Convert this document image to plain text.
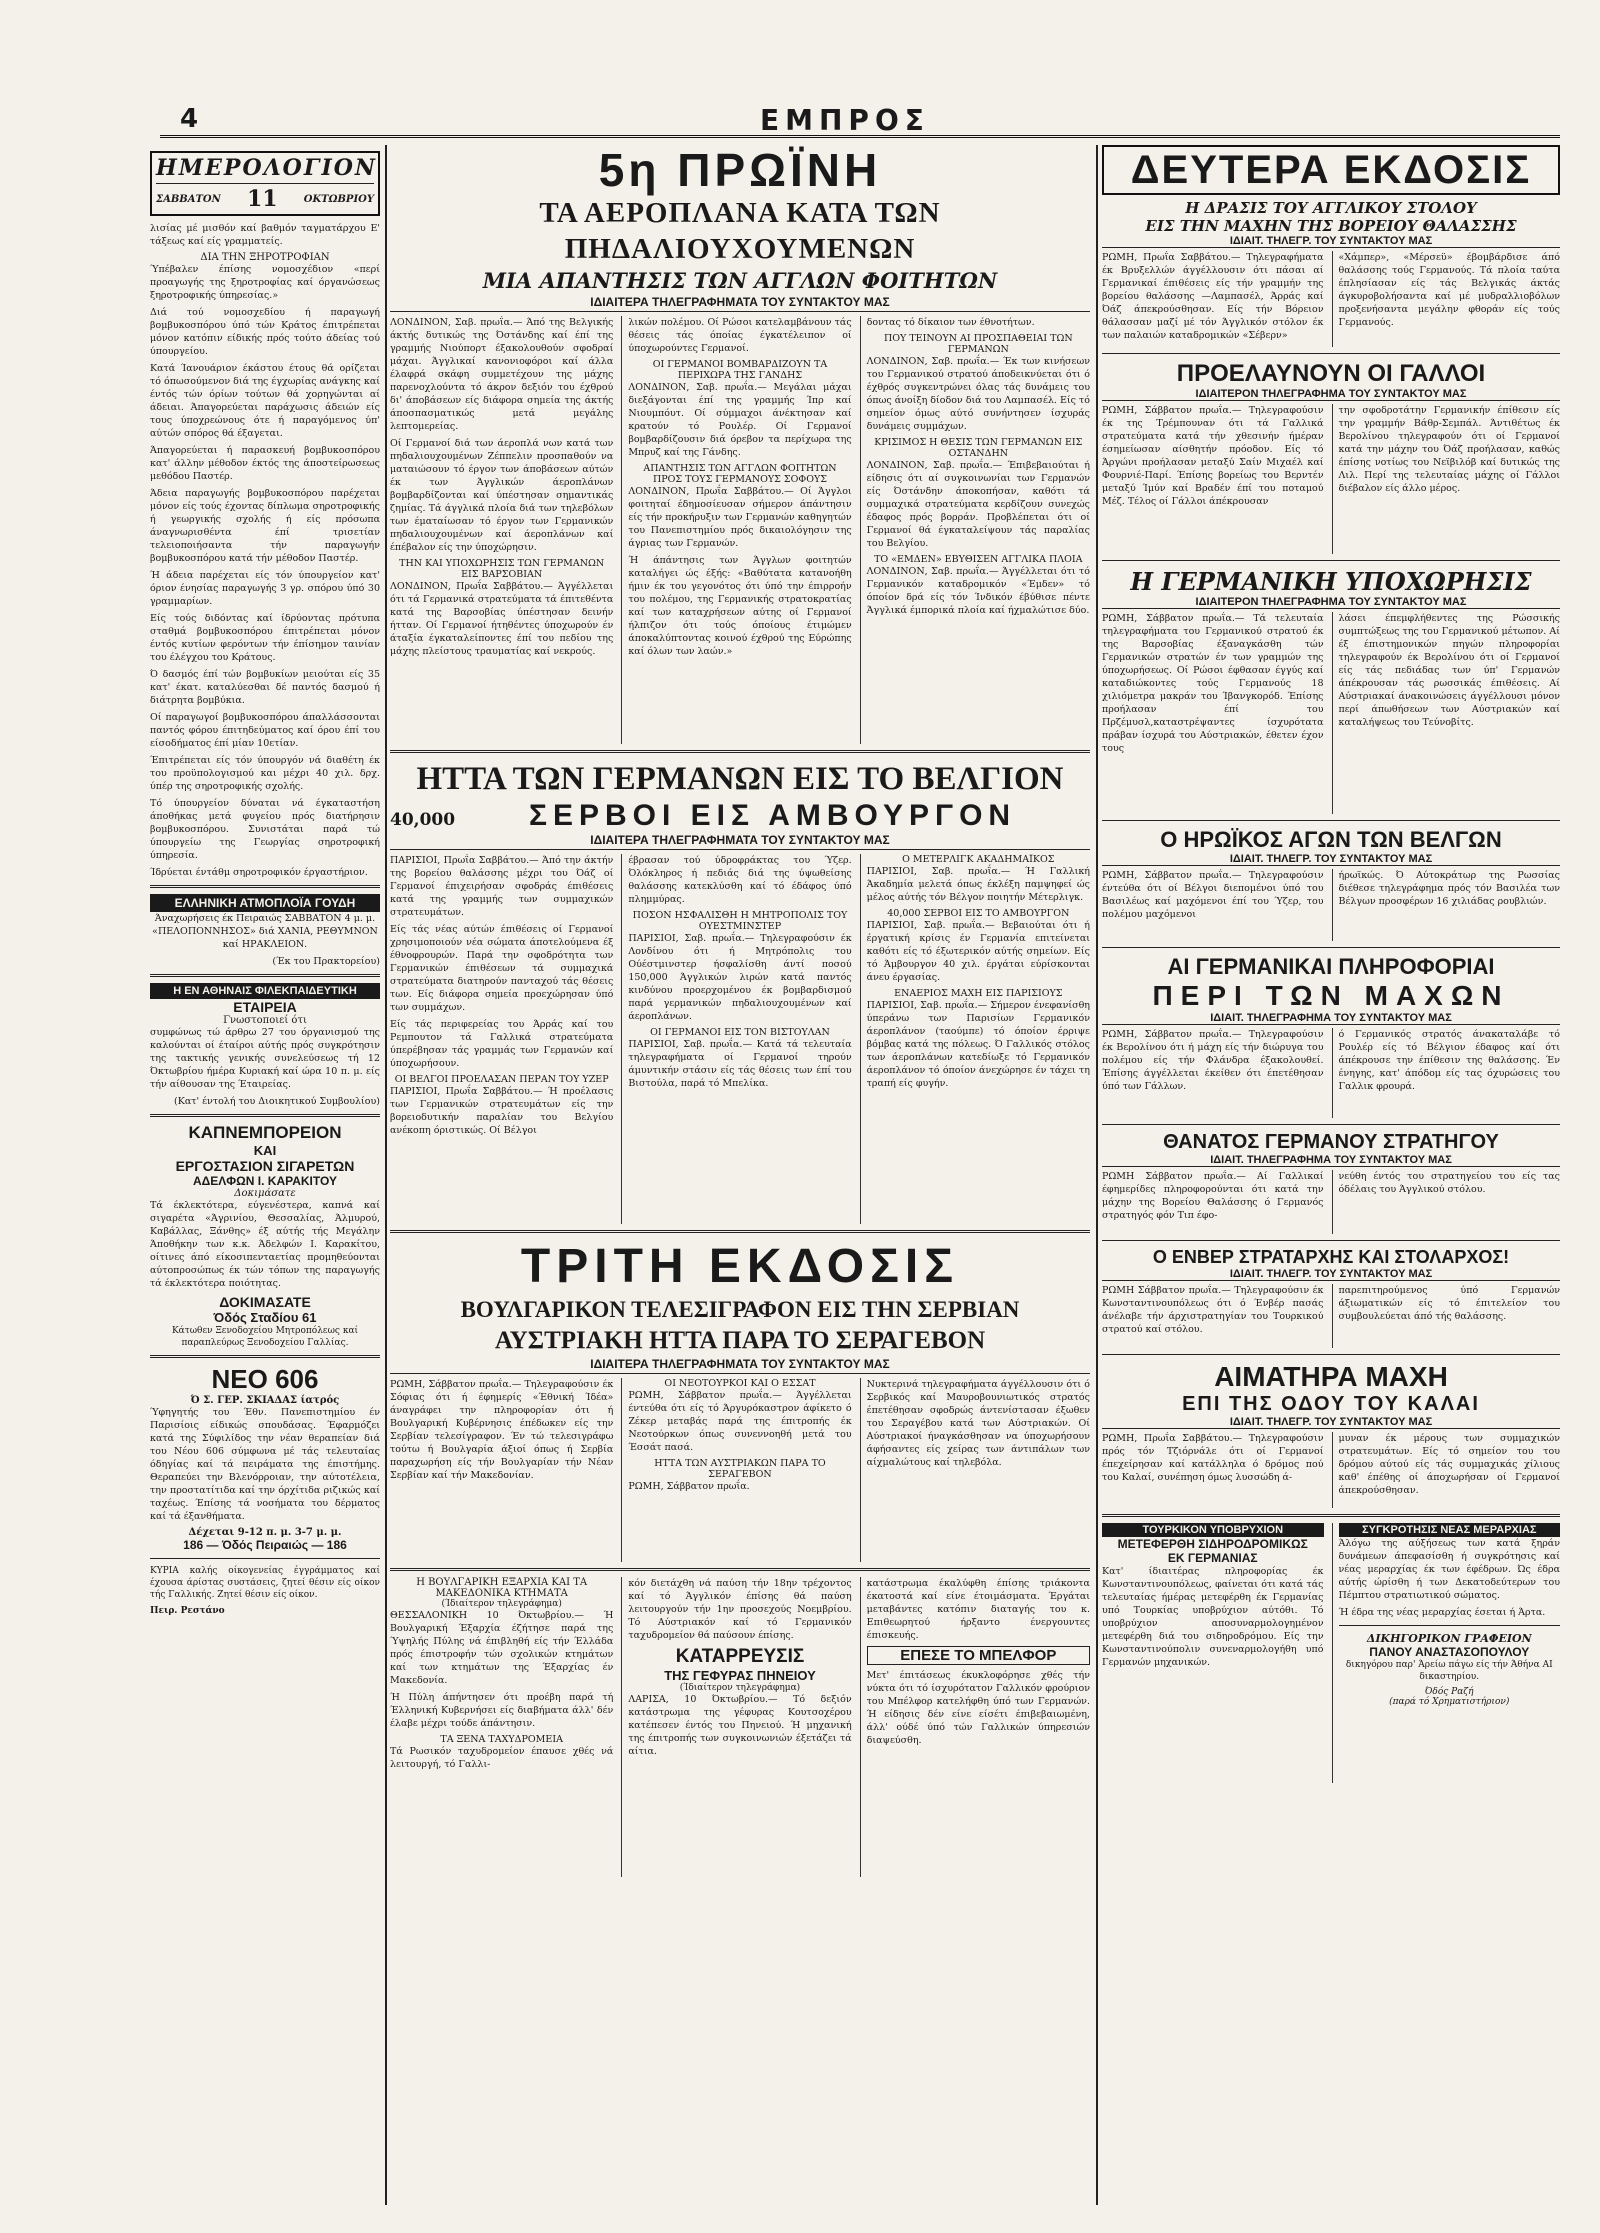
4	ΕΜΠΡΟΣ
ΗΜΕΡΟΛΟΓΙΟΝ
ΣΑΒΒΑΤΟΝ 11	ΟΚΤΩΒΡΙΟΥ

λισίας μέ μισθόν καί βαθμόν ταγματάρχου Ε' τάξεως καί είς γραμματείς.

ΔΙΑ ΤΗΝ ΞΗΡΟΤΡΟΦΙΑΝ

Ύπέβαλεν έπίσης νομοσχέδιον «περί προαγωγής της ξηροτροφίας καί όργανώσεως ξηροτροφικής ύπηρεσίας.»

Διά τού νομοσχεδίου ή παραγωγή βομβυκοσπόρου ύπό τών Κράτος έπιτρέπεται μόνον κατόπιν είδικής πρός τούτο άδείας τού ύπουργείου.

Κατά Ίανουάριον έκάστου έτους θά ορίζεται τό όπωσούμενον διά της έγχωρίας ανάγκης καί έντός τών όρίων τούτων θά χορηγώνται αί άδειαι. Άπαγορεύεται παράχωσις άδειών είς τους ύποχρεώνους ότε ή παραγόμενος ύπ' αύτών σπόρος θά έξαγεται.

Άπαγορεύεται ή παρασκευή βομβυκοσπόρου κατ' άλλην μέθοδον έκτός της άποστείρωσεως μεθόδου Παστέρ.

Άδεια παραγωγής βομβυκοσπόρου παρέχεται μόνον είς τούς έχοντας δίπλωμα σηροτροφικής ή γεωργικής σχολής ή είς πρόσωπα άναγνωρισθέντα έπί τρισετίαν τελειοποιήσαντα τήν παραγωγήν βομβυκοσπόρου κατά τήν μέθοδον Παστέρ.

Ή άδεια παρέχεται είς τόν ύπουργείον κατ' όριον ένησίας παραγωγής 3 γρ. σπόρου ύπό 30 γραμμαρίων.

Είς τούς διδόντας καί ίδρύοντας πρότυπα σταθμά βομβυκοσπόρου έπιτρέπεται μόνον έντός κυτίων φερόντων τήν έπίσημον ταινίαν του έλέγχου του Κράτους.

Ό δασμός έπί τών βομβυκίων μειούται είς 35 κατ' έκατ. καταλύεσθαι δέ παντός δασμού ή διάτρητα βομβύκια.

Οί παραγωγοί βομβυκοσπόρου άπαλλάσσονται παντός φόρου έπιτηδεύματος καί όρου έπί του είσοδήματος έπί μίαν 10ετίαν.

Έπιτρέπεται είς τόν ύπουργόν νά διαθέτη έκ του προϋπολογισμού και μέχρι 40 χιλ. δρχ. ύπέρ της σηροτροφικής σχολής.

Τό ύπουργείον δύναται νά έγκαταστήση άποθήκας μετά φυγείου πρός διατήρησιν βομβυκοσπόρου. Συνιστάται παρά τώ ύπουργείω της Γεωργίας σηροτροφική ύπηρεσία.

Ίδρύεται έντάθμ σηροτροφικόν έργαστήριον.

ΕΛΛΗΝΙΚΗ ΑΤΜΟΠΛΟΪΑ ΓΟΥΔΗ

Άναχωρήσεις έκ Πειραιώς ΣΑΒΒΑΤΟΝ 4 μ. μ. «ΠΕΛΟΠΟΝΝΗΣΟΣ» διά ΧΑΝΙΑ, ΡΕΘΥΜΝΟΝ καί ΗΡΑΚΛΕΙΟΝ.

(Έκ του Πρακτορείου)

Η ΕΝ ΑΘΗΝΑΙΣ ΦΙΛΕΚΠΑΙΔΕΥΤΙΚΗ
ΕΤΑΙΡΕΙΑ
Γνωστοποιεί ότι

συμφώνως τώ άρθρω 27 του όργανισμού της καλούνται οί έταίροι αύτής πρός συγκρότησιν της τακτικής γενικής συνελεύσεως τή 12 Όκτωβρίου ήμέρα Κυριακή καί ώρα 10 π. μ. είς τήν αίθουσαν της Έταιρείας.

(Κατ' έντολή του Διοικητικού Συμβουλίου)

ΚΑΠΝΕΜΠΟΡΕΙΟΝ
ΚΑΙ
ΕΡΓΟΣΤΑΣΙΟΝ ΣΙΓΑΡΕΤΩΝ
ΑΔΕΛΦΩΝ Ι. ΚΑΡΑΚΙΤΟΥ
Δοκιμάσατε

Τά έκλεκτότερα, εύγενέστερα, καπνά καί σιγαρέτα «Άγρινίου, Θεσσαλίας, Άλμυρού, Καβάλλας, Ξάνθης» έξ αύτής τής Μεγάλην Άποθήκην των κ.κ. Άδελφών Ι. Καρακίτου, οίτινες άπό είκοσιπενταετίας προμηθεύονται αύτοπροσώπως έκ τών τόπων της παραγωγής τά έκλεκτότερα ποιότητας.

ΔΟΚΙΜΑΣΑΤΕ
Όδός Σταδίου 61

Κάτωθεν Ξενοδοχείου Μητροπόλεως καί παραπλεύρως Ξενοδοχείου Γαλλίας.

ΝΕΟ 606
Ό Σ. ΓΕΡ. ΣΚΙΑΔΑΣ ίατρός

Ύφηγητής του Έθν. Πανεπιστημίου έν Παρισίοις είδικώς σπουδάσας. Έφαρμόζει κατά της Σύφιλίδος την νέαν θεραπείαν διά του Νέου 606 σύμφωνα μέ τάς τελευταίας όδηγίας καί τά πειράματα της έπιστήμης. Θεραπεύει την Βλενόρροιαν, την αύτοτέλεια, την προστατίτιδα καί την όρχίτιδα ριζικώς καί ταχέως. Έπίσης τά νοσήματα του δέρματος καί τά έξανθήματα.

Δέχεται 9-12 π. μ. 3-7 μ. μ.
186 — Όδός Πειραιώς — 186

ΚΥΡΙΑ καλής οίκογενείας έγγράμματος καί έχουσα άρίστας συστάσεις, ζητεί θέσιν είς οίκον τής Γαλλικής. Ζητεί θέσιν είς οίκον.

Πειρ. Ρεστάνο

5η ΠΡΩΪΝΗ
ΤΑ ΑΕΡΟΠΛΑΝΑ ΚΑΤΑ ΤΩΝ ΠΗΔΑΛΙΟΥΧΟΥΜΕΝΩΝ
ΜΙΑ ΑΠΑΝΤΗΣΙΣ ΤΩΝ ΑΓΓΛΩΝ ΦΟΙΤΗΤΩΝ
ΙΔΙΑΙΤΕΡΑ ΤΗΛΕΓΡΑΦΗΜΑΤΑ ΤΟΥ ΣΥΝΤΑΚΤΟΥ ΜΑΣ

ΛΟΝΔΙΝΟΝ, Σαβ. πρωΐα.— Άπό της Βελγικής άκτής δυτικώς της Όστάνδης καί έπί της γραμμής Νιούπορτ έξακολουθούν σφοδραί μάχαι. Άγγλικαί κανονιοφόροι καί άλλα έλαφρά σκάφη συμμετέχουν της μάχης παρενοχλούντα τό άκρον δεξιόν του έχθρού δι' άποβάσεων είς διάφορα σημεία της άκτής άποσπασματικώς μετά μεγάλης λεπτομερείας.

Οί Γερμανοί διά των άεροπλά νων κατά των πηδαλιουχουμένων Ζέππελιν προσπαθούν να ματαιώσουν τό έργον των άποβάσεων αύτών έκ των Άγγλικών άεροπλάνων βομβαρδίζονται καί ύπέστησαν σημαντικάς ζημίας. Τά άγγλικά πλοία διά των τηλεβόλων των έματαίωσαν τό έργον των Γερμανικών πηδαλιουχουμένων καί άεροπλάνων καί έπέβαλον είς την ύποχώρησιν.

ΤΗΝ ΚΑΙ ΥΠΟΧΩΡΗΣΙΣ ΤΩΝ ΓΕΡΜΑΝΩΝ ΕΙΣ ΒΑΡΣΟΒΙΑΝ

ΛΟΝΔΙΝΟΝ, Πρωΐα Σαββάτου.— Άγγέλλεται ότι τά Γερμανικά στρατεύματα τά έπιτεθέντα κατά της Βαρσοβίας ύπέστησαν δεινήν ήτταν. Οί Γερμανοί ήτηθέντες ύποχωρούν έν άταξία έγκαταλείποντες έπί του πεδίου της μάχης πλείστους τραυματίας καί νεκρούς.

λικών πολέμου. Οί Ρώσοι κατελαμβάνουν τάς θέσεις τάς όποίας έγκατέλειπον οί ύποχωρούντες Γερμανοί.

ΟΙ ΓΕΡΜΑΝΟΙ ΒΟΜΒΑΡΔΙΖΟΥΝ ΤΑ ΠΕΡΙΧΩΡΑ ΤΗΣ ΓΑΝΔΗΣ

ΛΟΝΔΙΝΟΝ, Σαβ. πρωΐα.— Μεγάλαι μάχαι διεξάγονται έπί της γραμμής Ίπρ καί Νιουμπόυτ. Οί σύμμαχοι άνέκτησαν καί κρατούν τό Ρουλέρ. Οί Γερμανοί βομβαρδίζουσιν διά όρεβον τα περίχωρα της Μπρυζ καί της Γάνδης.

ΑΠΑΝΤΗΣΙΣ ΤΩΝ ΑΓΓΛΩΝ ΦΟΙΤΗΤΩΝ ΠΡΟΣ ΤΟΥΣ ΓΕΡΜΑΝΟΥΣ ΣΟΦΟΥΣ

ΛΟΝΔΙΝΟΝ, Πρωΐα Σαββάτου.— Οί Άγγλοι φοιτηταί έδημοσίευσαν σήμερον άπάντησιν είς τήν προκήρυξιν των Γερμανών καθηγητών του Πανεπιστημίου πρός δικαιολόγησιν της άγριας των Γερμανών.

Ή άπάντησις των Άγγλων φοιτητών καταλήγει ώς έξής: «Βαθύτατα κατανοήθη ήμιν έκ του γεγονότος ότι ύπό την έπιρροήν του πολέμου, της Γερμανικής στρατοκρατίας καί των καταχρήσεων αύτης οί Γερμανοί ήλπιζον ότι τούς όποίους έτιμώμεν άποκαλύπτοντας κοινού έχθρού της Εύρώπης καί όλων των λαών.»

δοντας τό δίκαιον των έθνοτήτων.

ΠΟΥ ΤΕΙΝΟΥΝ ΑΙ ΠΡΟΣΠΑΘΕΙΑΙ ΤΩΝ ΓΕΡΜΑΝΩΝ

ΛΟΝΔΙΝΟΝ, Σαβ. πρωΐα.— Έκ των κινήσεων του Γερμανικού στρατού άποδεικνύεται ότι ό έχθρός συγκεντρώνει όλας τάς δυνάμεις του όπως άνοίξη δίοδον διά του Λαμπασέλ. Είς τό σημείον όμως αύτό συνήντησεν ίσχυράς δυνάμεις συμμάχων.

ΚΡΙΣΙΜΟΣ Η ΘΕΣΙΣ ΤΩΝ ΓΕΡΜΑΝΩΝ ΕΙΣ ΟΣΤΑΝΔΗΝ

ΛΟΝΔΙΝΟΝ, Σαβ. πρωΐα.— Έπιβεβαιούται ή είδησις ότι αί συγκοινωνίαι των Γερμανών είς Όστάνδην άποκοπήσαν, καθότι τά συμμαχικά στρατεύματα κερδίζουν συνεχώς έδαφος πρός βορράν. Προβλέπεται ότι οί Γερμανοί θά έγκαταλείψουν τάς παραλίας του Βελγίου.

ΤΟ «ΕΜΔΕΝ» ΕΒΥΘΙΣΕΝ ΑΓΓΛΙΚΑ ΠΛΟΙΑ

ΛΟΝΔΙΝΟΝ, Σαβ. πρωΐα.— Άγγέλλεται ότι τό Γερμανικόν καταδρομικόν «Έμδεν» τό όποίον δρά είς τόν Ίνδικόν έβύθισε πέντε Άγγλικά έμπορικά πλοία καί ήχμαλώτισε δύο.

ΗΤΤΑ ΤΩΝ ΓΕΡΜΑΝΩΝ ΕΙΣ ΤΟ ΒΕΛΓΙΟΝ
40,000	ΣΕΡΒΟΙ ΕΙΣ ΑΜΒΟΥΡΓΟΝ
ΙΔΙΑΙΤΕΡΑ ΤΗΛΕΓΡΑΦΗΜΑΤΑ ΤΟΥ ΣΥΝΤΑΚΤΟΥ ΜΑΣ

ΠΑΡΙΣΙΟΙ, Πρωΐα Σαββάτου.— Άπό την άκτήν της βορείου θαλάσσης μέχρι του Όάζ οί Γερμανοί έπιχειρήσαν σφοδράς έπιθέσεις κατά της γραμμής των συμμαχικών στρατευμάτων.

Είς τάς νέας αύτών έπιθέσεις οί Γερμανοί χρησιμοποιούν νέα σώματα άποτελούμενα έξ έθνοφρουρών. Παρά την σφοδρότητα των Γερμανικών έπιθέσεων τά συμμαχικά στρατεύματα διατηρούν πανταχού τάς θέσεις των. Είς διάφορα σημεία προεχώρησαν ύπό των συμμάχων.

Είς τάς περιφερείας του Άρράς καί του Ρεμπουτον τά Γαλλικά στρατεύματα ύπερέβησαν τάς γραμμάς των Γερμανών καί ύποχωρήσουν.

ΟΙ ΒΕΛΓΟΙ ΠΡΟΕΛΑΣΑΝ ΠΕΡΑΝ ΤΟΥ ΥΖΕΡ

ΠΑΡΙΣΙΟΙ, Πρωΐα Σαββάτου.— Ή προέλασις των Γερμανικών στρατευμάτων είς την βορειοδυτικήν παραλίαν του Βελγίου ανέκοπη όριστικώς. Οί Βέλγοι

έβρασαν τού ύδροφράκτας του Ύζερ. Όλόκληρος ή πεδιάς διά της ύψωθείσης θαλάσσης κατεκλύσθη καί τό έδάφος ύπό πλημμύρας.

ΠΟΣΟΝ ΗΣΦΑΛΙΣΘΗ Η ΜΗΤΡΟΠΟΛΙΣ ΤΟΥ ΟΥΕΣΤΜΙΝΣΤΕΡ

ΠΑΡΙΣΙΟΙ, Σαβ. πρωΐα.— Τηλεγραφούσιν έκ Λονδίνου ότι ή Μητρόπολις του Ούέστμινστερ ήσφαλίσθη άντί ποσού 150,000 Άγγλικών λιρών κατά παντός κινδύνου προερχομένου έκ βομβαρδισμού παρά γερμανικών πηδαλιουχουμένων καί άεροπλάνων.

ΟΙ ΓΕΡΜΑΝΟΙ ΕΙΣ ΤΟΝ ΒΙΣΤΟΥΛΑΝ

ΠΑΡΙΣΙΟΙ, Σαβ. πρωΐα.— Κατά τά τελευταία τηλεγραφήματα οί Γερμανοί τηρούν άμυντικήν στάσιν είς τάς θέσεις των έπί του Βιστούλα, παρά τό Μπελίκα.

Ο ΜΕΤΕΡΛΙΓΚ ΑΚΑΔΗΜΑΪΚΟΣ

ΠΑΡΙΣΙΟΙ, Σαβ. πρωΐα.— Ή Γαλλική Άκαδημία μελετά όπως έκλέξη παμψηφεί ώς μέλος αύτής τόν Βέλγον ποιητήν Μέτερλιγκ.

40,000 ΣΕΡΒΟΙ ΕΙΣ ΤΟ ΑΜΒΟΥΡΓΟΝ

ΠΑΡΙΣΙΟΙ, Σαβ. πρωΐα.— Βεβαιούται ότι ή έργατική κρίσις έν Γερμανία επιτείνεται καθότι είς τό έξωτερικόν αύτής σημείων. Είς τό Άμβουργον 40 χιλ. έργάται εύρίσκονται άνευ έργασίας.

ΕΝΑΕΡΙΟΣ ΜΑΧΗ ΕΙΣ ΠΑΡΙΣΙΟΥΣ

ΠΑΡΙΣΙΟΙ, Σαβ. πρωΐα.— Σήμερον ένεφανίσθη ύπεράνω των Παρισίων Γερμανικόν άεροπλάνον (ταούμπε) τό όποίον έρριψε βόμβας κατά της πόλεως. Ό Γαλλικός στόλος των άεροπλάνων κατεδίωξε τό Γερμανικόν άεροπλάνον τό όποίον άνεχώρησε έν τάχει τη τραπή είς φυγήν.

ΤΡΙΤΗ ΕΚΔΟΣΙΣ
ΒΟΥΛΓΑΡΙΚΟΝ ΤΕΛΕΣΙΓΡΑΦΟΝ ΕΙΣ ΤΗΝ ΣΕΡΒΙΑΝ
ΑΥΣΤΡΙΑΚΗ ΗΤΤΑ ΠΑΡΑ ΤΟ ΣΕΡΑΓΕΒΟΝ
ΙΔΙΑΙΤΕΡΑ ΤΗΛΕΓΡΑΦΗΜΑΤΑ ΤΟΥ ΣΥΝΤΑΚΤΟΥ ΜΑΣ

ΡΩΜΗ, Σάββατον πρωΐα.— Τηλεγραφούσιν έκ Σόφιας ότι ή έφημερίς «Έθνική Ίδέα» άναγράφει την πληροφορίαν ότι ή Βουλγαρική Κυβέρνησις έπέδωκεν είς την Σερβίαν τελεσίγραφον. Έν τώ τελεσιγράφω τούτω ή Βουλγαρία άξιοί όπως ή Σερβία παραχωρήση είς τήν Βουλγαρίαν τήν Νέαν Σερβίαν καί τήν Μακεδονίαν.

ΟΙ ΝΕΟΤΟΥΡΚΟΙ ΚΑΙ Ο ΕΣΣΑΤ

ΡΩΜΗ, Σάββατον πρωΐα.— Άγγέλλεται έντεύθα ότι είς τό Άργυρόκαστρον άφίκετο ό Ζέκερ μεταβάς παρά της έπιτροπής έκ Νεοτούρκων όπως συνεννοηθή μετά του Έσσάτ πασά.

ΗΤΤΑ ΤΩΝ ΑΥΣΤΡΙΑΚΩΝ ΠΑΡΑ ΤΟ ΣΕΡΑΓΕΒΟΝ

ΡΩΜΗ, Σάββατον πρωΐα.

Νυκτερινά τηλεγραφήματα άγγέλλουσιν ότι ό Σερβικός καί Μαυροβουνιωτικός στρατός έπετέθησαν σφοδρώς άντενίστασαν έξωθεν του Σεραγέβου κατά των Αύστριακών. Οί Αύστριακοί ήναγκάσθησαν να ύποχωρήσουν άφήσαντες είς χείρας των άντιπάλων των αίχμαλώτους καί τηλεβόλα.

Η ΒΟΥΛΓΑΡΙΚΗ ΕΞΑΡΧΙΑ ΚΑΙ ΤΑ ΜΑΚΕΔΟΝΙΚΑ ΚΤΗΜΑΤΑ
(Ίδιαίτερον τηλεγράφημα)

ΘΕΣΣΑΛΟΝΙΚΗ 10 Όκτωβρίου.— Ή Βουλγαρική Έξαρχία έζήτησε παρά της Ύψηλής Πύλης νά έπιβληθή είς τήν Έλλάδα πρός έπιστροφήν τών σχολικών κτημάτων καί των κτημάτων της Έξαρχίας έν Μακεδονία.

Ή Πύλη άπήντησεν ότι προέβη παρά τή Έλληνική Κυβερνήσει είς διαβήματα άλλ' δέν έλαβε μέχρι τούδε άπάντησιν.

ΤΑ ΞΕΝΑ ΤΑΧΥΔΡΟΜΕΙΑ

Τά Ρωσικόν ταχυδρομείον έπαυσε χθές νά λειτουργή, τό Γαλλι-

κόν διετάχθη νά παύση τήν 18ην τρέχοντος καί τό Άγγλικόν έπίσης θά παύση λειτουργούν τήν 1ην προσεχούς Νοεμβρίου. Τό Αύστριακόν καί τό Γερμανικόν ταχυδρομείον θά παύσουν έπίσης.

ΚΑΤΑΡΡΕΥΣΙΣ
ΤΗΣ ΓΕΦΥΡΑΣ ΠΗΝΕΙΟΥ
(Ίδιαίτερον τηλεγράφημα)

ΛΑΡΙΣΑ, 10 Όκτωβρίου.— Τό δεξιόν κατάστρωμα της γέφυρας Κουτσοχέρου κατέπεσεν έντός του Πηνειού. Ή μηχανική της έπιτροπής των συγκοινωνιών έξετάζει τά αίτια.

κατάστρωμα έκαλύφθη έπίσης τριάκοντα έκατοστά καί είνε έτοιμάσματα. Έργάται μεταβάντες κατόπιν διαταγής του κ. Επιθεωρητού ήρξαντο ένεργουντες έπισκευής.

ΕΠΕΣΕ ΤΟ ΜΠΕΛΦΟΡ

Μετ' έπιτάσεως έκυκλοφόρησε χθές τήν νύκτα ότι τό ίσχυρότατον Γαλλικόν φρούριον του Μπέλφορ κατελήφθη ύπό των Γερμανών. Ή είδησις δέν είνε είσέτι έπιβεβαιωμένη, άλλ' ούδέ ύπό τών Γαλλικών ύπηρεσιών διαψεύσθη.

ΔΕΥΤΕΡΑ ΕΚΔΟΣΙΣ
Η ΔΡΑΣΙΣ ΤΟΥ ΑΓΓΛΙΚΟΥ ΣΤΟΛΟΥ
ΕΙΣ ΤΗΝ ΜΑΧΗΝ ΤΗΣ ΒΟΡΕΙΟΥ ΘΑΛΑΣΣΗΣ
ΙΔΙΑΙΤ. ΤΗΛΕΓΡ. ΤΟΥ ΣΥΝΤΑΚΤΟΥ ΜΑΣ

ΡΩΜΗ, Πρωΐα Σαββάτου.— Τηλεγραφήματα έκ Βρυξελλών άγγέλλουσιν ότι πάσαι αί Γερμανικαί έπιθέσεις είς τήν γραμμήν της βορείου θαλάσσης —Λαμπασέλ, Άρράς καί Όάζ άπεκρούσθησαν. Είς τήν Βόρειον θάλασσαν μαζί μέ τόν Άγγλικόν στόλον έκ των παλαιών καταδρομικών «Σέβερν»

«Χάμπερ», «Μέρσεϋ» έβομβάρδισε άπό θαλάσσης τούς Γερμανούς. Τά πλοία ταύτα έπλησίασαν είς τάς Βελγικάς άκτάς άγκυροβολήσαντα καί μέ μυδραλλιοβόλων προξενήσαντα μεγάλην φθοράν είς τούς Γερμανούς.

ΠΡΟΕΛΑΥΝΟΥΝ ΟΙ ΓΑΛΛΟΙ
ΙΔΙΑΙΤΕΡΟΝ ΤΗΛΕΓΡΑΦΗΜΑ ΤΟΥ ΣΥΝΤΑΚΤΟΥ ΜΑΣ

ΡΩΜΗ, Σάββατον πρωΐα.— Τηλεγραφούσιν έκ της Τρέμπουναν ότι τά Γαλλικά στρατεύματα κατά τήν χθεσινήν ήμέραν έσημείωσαν αίσθητήν πρόοδον. Είς τό Άργώνι προήλασαν μεταξύ Σαίν Μιχαέλ καί Φουρνιέ-Παρί. Έπίσης βορείως του Βερντέν μεταξύ Ίμύν καί Βραδέν έπί του ποταμού Μέζ. Τέλος οί Γάλλοι άπέκρουσαν

την σφοδροτάτην Γερμανικήν έπίθεσιν είς την γραμμήν Βάθρ-Σεμπάλ. Άντιθέτως έκ Βερολίνου τηλεγραφούν ότι οί Γερμανοί κατά την μάχην του Όάζ προήλασαν, καθώς έπίσης νοτίως του Νεϊβιλόβ καί δυτικώς της Λιλ. Περί της τελευταίας μάχης οί Γάλλοι διέβαλον είς άλλο μέρος.

Η ΓΕΡΜΑΝΙΚΗ ΥΠΟΧΩΡΗΣΙΣ
ΙΔΙΑΙΤΕΡΟΝ ΤΗΛΕΓΡΑΦΗΜΑ ΤΟΥ ΣΥΝΤΑΚΤΟΥ ΜΑΣ

ΡΩΜΗ, Σάββατον πρωΐα.— Τά τελευταία τηλεγραφήματα του Γερμανικού στρατού έκ της Βαρσοβίας έξαναγκάσθη τών Γερμανικών στρατών έν των γραμμών της ύποχωρήσεως. Οί Ρώσοι έφθασαν έγγύς καί καταδιώκοντες τούς Γερμανούς 18 χιλιόμετρα μακράν του Ίβανγκορόδ. Έπίσης προήλασαν έπί του Πρζέμυσλ,καταστρέψαντες ίσχυρότατα πράβαν ίσχυρά του Αύστριακών, έθετεν έχον τους

λάσει έπεμφλήθεντες της Ρώσσικής συμπτώξεως της του Γερμανικού μέτωπον. Αί έξ έπιστημονικών πηγών πληροφορίαι τηλεγραφούν έκ Βερολίνου ότι οί Γερμανοί είς τάς πεδιάδας των ύπ' Γερμανών άπέκρουσαν τάς ρωσσικάς έπιθέσεις. Αί Αύστριακαί άνακοινώσεις άγγέλλουσι μόνον περί άπωθήσεων των Αύστριακών καί καταλήψεως του Τεύνοβίτς.

Ο ΗΡΩΪΚΟΣ ΑΓΩΝ ΤΩΝ ΒΕΛΓΩΝ
ΙΔΙΑΙΤ. ΤΗΛΕΓΡ. ΤΟΥ ΣΥΝΤΑΚΤΟΥ ΜΑΣ

ΡΩΜΗ, Σάββατον πρωΐα.— Τηλεγραφούσιν έντεύθα ότι οί Βέλγοι διεπομένοι ύπό του Βασιλέως καί μαχόμενοι έπί του Ύζερ, του πολέμου μαχόμενοι

ήρωϊκώς. Ό Αύτοκράτωρ της Ρωσσίας διέθεσε τηλεγράφημα πρός τόν Βασιλέα των Βέλγων προσφέρων 16 χιλιάδας ρουβλιών.

ΑΙ ΓΕΡΜΑΝΙΚΑΙ ΠΛΗΡΟΦΟΡΙΑΙ
ΠΕΡΙ ΤΩΝ ΜΑΧΩΝ
ΙΔΙΑΙΤ. ΤΗΛΕΓΡΑΦΗΜΑ ΤΟΥ ΣΥΝΤΑΚΤΟΥ ΜΑΣ

ΡΩΜΗ, Σάββατον πρωΐα.— Τηλεγραφούσιν έκ Βερολίνου ότι ή μάχη είς τήν διώρυγα του πολέμου είς τήν Φλάνδρα έξακολουθεί. Έπίσης άγγέλλεται έκείθεν ότι έπετέθησαν ύπό των Γάλλων.

ό Γερμανικός στρατός άνακαταλάβε τό Ρουλέρ είς τό Βέλγιον έδαφος καί ότι άπέκρουσε την έπίθεσιν της θαλάσσης. Έν ένηγης, κατ' άπόδομ είς τας όχυρώσεις του Γαλλικ φρουρά.

ΘΑΝΑΤΟΣ ΓΕΡΜΑΝΟΥ ΣΤΡΑΤΗΓΟΥ
ΙΔΙΑΙΤ. ΤΗΛΕΓΡΑΦΗΜΑ ΤΟΥ ΣΥΝΤΑΚΤΟΥ ΜΑΣ

ΡΩΜΗ Σάββατον πρωΐα.— Αί Γαλλικαί έφημερίδες πληροφορούνται ότι κατά την μάχην της Βορείου Θαλάσσης ό Γερμανός στρατηγός φόν Τιπ έφο-

νεύθη έντός του στρατηγείου του είς τας όδέλαις του Άγγλικού στόλου.

Ο ΕΝΒΕΡ ΣΤΡΑΤΑΡΧΗΣ ΚΑΙ ΣΤΟΛΑΡΧΟΣ!
ΙΔΙΑΙΤ. ΤΗΛΕΓΡ. ΤΟΥ ΣΥΝΤΑΚΤΟΥ ΜΑΣ

ΡΩΜΗ Σάββατον πρωΐα.— Τηλεγραφούσιν έκ Κωνσταντινουπόλεως ότι ό Ένβέρ πασάς άνέλαβε τήν άρχιστρατηγίαν του Τουρκικού στρατού καί στόλου.

παρεπιτηρούμενος ύπό Γερμανών άξιωματικών είς τό έπιτελείον του συμβουλεύεται άπό τής θαλάσσης.

ΑΙΜΑΤΗΡΑ ΜΑΧΗ
ΕΠΙ ΤΗΣ ΟΔΟΥ ΤΟΥ ΚΑΛΑΙ
ΙΔΙΑΙΤ. ΤΗΛΕΓΡ. ΤΟΥ ΣΥΝΤΑΚΤΟΥ ΜΑΣ

ΡΩΜΗ, Πρωΐα Σαββάτου.— Τηλεγραφούσιν πρός τόν Τζιόρνάλε ότι οί Γερμανοί έπεχείρησαν καί κατάλληλα ό δρόμος πού του Καλαί, συνέπηση όμως λυσσώδη ά-

μυναν έκ μέρους των συμμαχικών στρατευμάτων. Είς τό σημείον του του δρόμου αύτού είς τάς συμμαχικάς χίλιους καθ' έπέθης οί άποχωρήσαν οί Γερμανοί άπεκρούσθησαν.

ΤΟΥΡΚΙΚΟΝ ΥΠΟΒΡΥΧΙΟΝ
ΜΕΤΕΦΕΡΘΗ ΣΙΔΗΡΟΔΡΟΜΙΚΩΣ
ΕΚ ΓΕΡΜΑΝΙΑΣ

Κατ' ίδιαιτέρας πληροφορίας έκ Κωνσταντινουπόλεως, φαίνεται ότι κατά τάς τελευταίας ήμέρας μετεφέρθη έκ Γερμανίας υπό Τουρκίας υποβρύχιον αύτόθι. Τό υποβρύχιον αποσυναρμολογημένον μετεφέρθη διά του σιδηροδρόμου. Είς την Κωνσταντινούπολιν συνεναρμολογήθη υπό Γερμανών μηχανικών.

ΣΥΓΚΡΟΤΗΣΙΣ ΝΕΑΣ ΜΕΡΑΡΧΙΑΣ

Άλόγω της αύξήσεως των κατά ξηράν δυνάμεων άπεφασίσθη ή συγκρότησις καί νέας μεραρχίας έκ των έφέδρων. Ώς έδρα αύτής ώρίσθη ή των Δεκατοδεύτερων του Πέμπτου στρατιωτικού σώματος.

Ή έδρα της νέας μεραρχίας έσεται ή Άρτα.

ΔΙΚΗΓΟΡΙΚΟΝ ΓΡΑΦΕΙΟΝ
ΠΑΝΟΥ ΑΝΑΣΤΑΣΟΠΟΥΛΟΥ

δικηγόρου παρ' Άρείω πάγω είς τήν Άθήνα ΑΙ δικαστηρίου.

Όδός Ραζή
(παρά τό Χρηματιστήριον)
